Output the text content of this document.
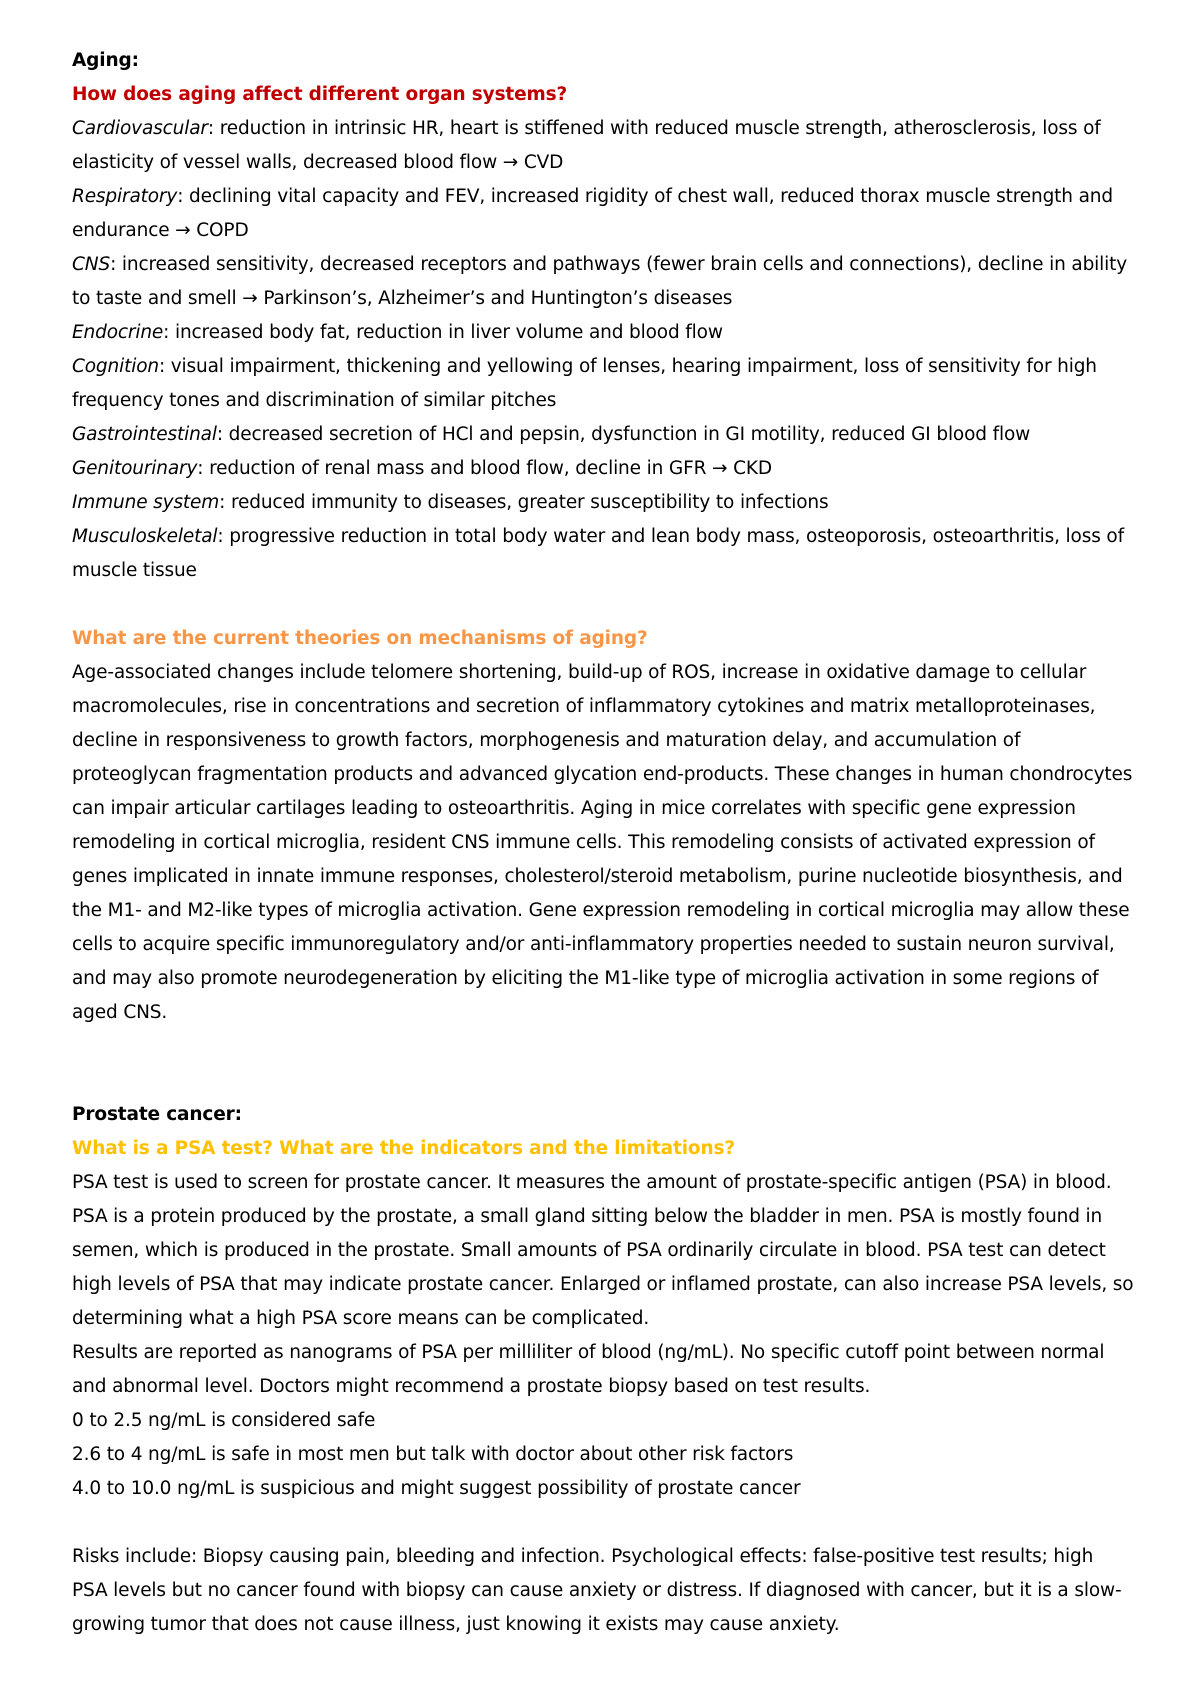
Aging:

How does aging affect different organ systems?

Cardiovascular: reduction in intrinsic HR, heart is stiffened with reduced muscle strength, atherosclerosis, loss of elasticity of vessel walls, decreased blood flow → CVD

Respiratory: declining vital capacity and FEV, increased rigidity of chest wall, reduced thorax muscle strength and endurance → COPD

CNS: increased sensitivity, decreased receptors and pathways (fewer brain cells and connections), decline in ability to taste and smell → Parkinson’s, Alzheimer’s and Huntington’s diseases

Endocrine: increased body fat, reduction in liver volume and blood flow

Cognition: visual impairment, thickening and yellowing of lenses, hearing impairment, loss of sensitivity for high frequency tones and discrimination of similar pitches

Gastrointestinal: decreased secretion of HCl and pepsin, dysfunction in GI motility, reduced GI blood flow

Genitourinary: reduction of renal mass and blood flow, decline in GFR → CKD

Immune system: reduced immunity to diseases, greater susceptibility to infections

Musculoskeletal: progressive reduction in total body water and lean body mass, osteoporosis, osteoarthritis, loss of muscle tissue

What are the current theories on mechanisms of aging?

Age-associated changes include telomere shortening, build-up of ROS, increase in oxidative damage to cellular macromolecules, rise in concentrations and secretion of inflammatory cytokines and matrix metalloproteinases, decline in responsiveness to growth factors, morphogenesis and maturation delay, and accumulation of proteoglycan fragmentation products and advanced glycation end-products. These changes in human chondrocytes can impair articular cartilages leading to osteoarthritis. Aging in mice correlates with specific gene expression remodeling in cortical microglia, resident CNS immune cells. This remodeling consists of activated expression of genes implicated in innate immune responses, cholesterol/steroid metabolism, purine nucleotide biosynthesis, and the M1- and M2-like types of microglia activation. Gene expression remodeling in cortical microglia may allow these cells to acquire specific immunoregulatory and/or anti-inflammatory properties needed to sustain neuron survival, and may also promote neurodegeneration by eliciting the M1-like type of microglia activation in some regions of aged CNS.

Prostate cancer:

What is a PSA test? What are the indicators and the limitations?

PSA test is used to screen for prostate cancer. It measures the amount of prostate-specific antigen (PSA) in blood. PSA is a protein produced by the prostate, a small gland sitting below the bladder in men. PSA is mostly found in semen, which is produced in the prostate. Small amounts of PSA ordinarily circulate in blood. PSA test can detect high levels of PSA that may indicate prostate cancer. Enlarged or inflamed prostate, can also increase PSA levels, so determining what a high PSA score means can be complicated.

Results are reported as nanograms of PSA per milliliter of blood (ng/mL). No specific cutoff point between normal and abnormal level. Doctors might recommend a prostate biopsy based on test results.

0 to 2.5 ng/mL is considered safe

2.6 to 4 ng/mL is safe in most men but talk with doctor about other risk factors

4.0 to 10.0 ng/mL is suspicious and might suggest possibility of prostate cancer

Risks include: Biopsy causing pain, bleeding and infection. Psychological effects: false-positive test results; high PSA levels but no cancer found with biopsy can cause anxiety or distress. If diagnosed with cancer, but it is a slow-growing tumor that does not cause illness, just knowing it exists may cause anxiety.
